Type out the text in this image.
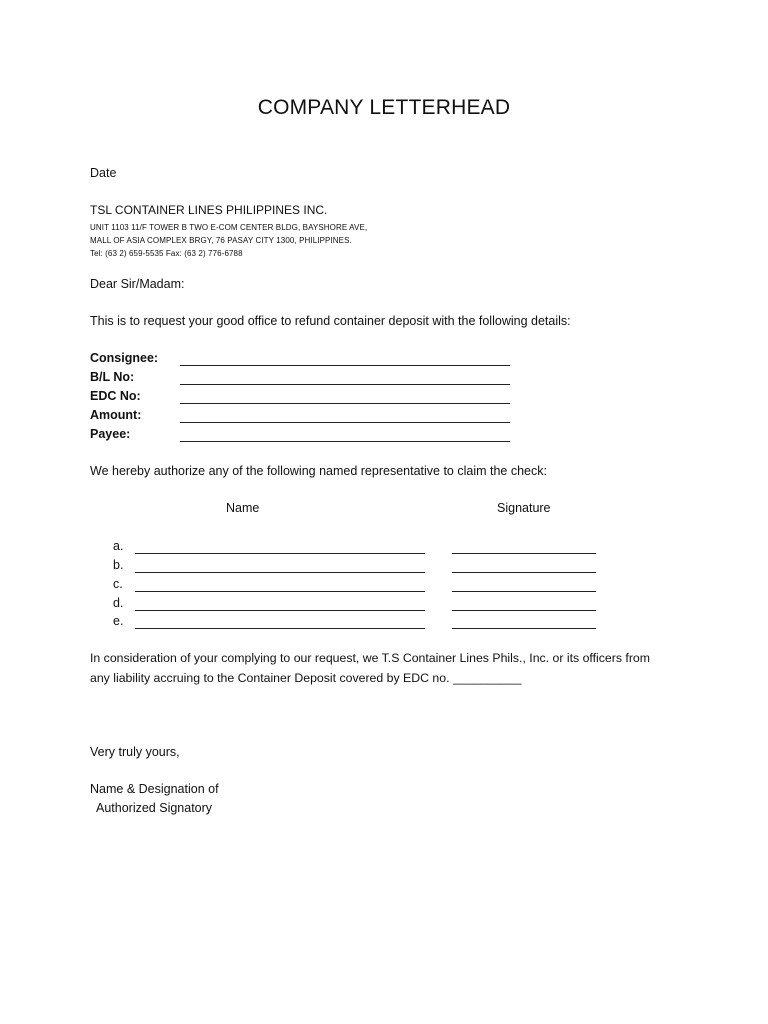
COMPANY LETTERHEAD
Date
TSL CONTAINER LINES PHILIPPINES INC.
UNIT 1103 11/F TOWER B TWO E-COM CENTER BLDG, BAYSHORE AVE,
MALL OF ASIA COMPLEX BRGY, 76 PASAY CITY 1300, PHILIPPINES.
Tel: (63 2) 659-5535 Fax: (63 2) 776-6788
Dear Sir/Madam:
This is to request your good office to refund container deposit with the following details:
Consignee:
B/L No:
EDC No:
Amount:
Payee:
We hereby authorize any of the following named representative to claim the check:
Name	Signature
a.
b.
c.
d.
e.
In consideration of your complying to our request, we T.S Container Lines Phils., Inc. or its officers from
any liability accruing to the Container Deposit covered by EDC no. __________
Very truly yours,
Name & Designation of
Authorized Signatory
